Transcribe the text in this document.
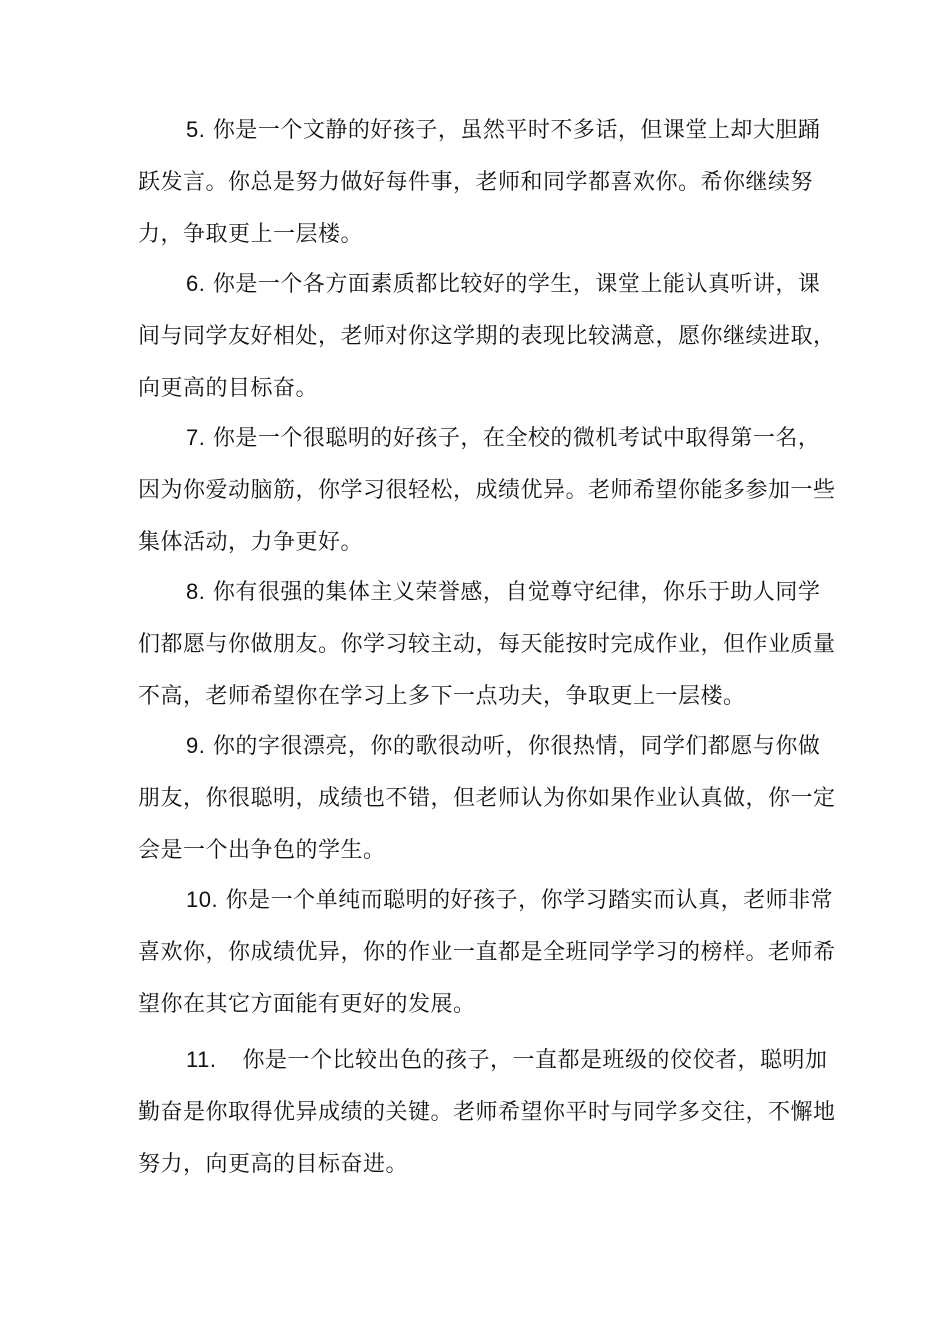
5. 你是一个文静的好孩子，虽然平时不多话，但课堂上却大胆踊跃发言。你总是努力做好每件事，老师和同学都喜欢你。希你继续努力，争取更上一层楼。

6. 你是一个各方面素质都比较好的学生，课堂上能认真听讲，课间与同学友好相处，老师对你这学期的表现比较满意，愿你继续进取，向更高的目标奋。

7. 你是一个很聪明的好孩子，在全校的微机考试中取得第一名，因为你爱动脑筋，你学习很轻松，成绩优异。老师希望你能多参加一些集体活动，力争更好。

8. 你有很强的集体主义荣誉感，自觉尊守纪律，你乐于助人同学们都愿与你做朋友。你学习较主动，每天能按时完成作业，但作业质量不高，老师希望你在学习上多下一点功夫，争取更上一层楼。

9. 你的字很漂亮，你的歌很动听，你很热情，同学们都愿与你做朋友，你很聪明，成绩也不错，但老师认为你如果作业认真做，你一定会是一个出争色的学生。

10. 你是一个单纯而聪明的好孩子，你学习踏实而认真，老师非常喜欢你，你成绩优异，你的作业一直都是全班同学学习的榜样。老师希望你在其它方面能有更好的发展。

11. 你是一个比较出色的孩子，一直都是班级的佼佼者，聪明加勤奋是你取得优异成绩的关键。老师希望你平时与同学多交往，不懈地努力，向更高的目标奋进。
